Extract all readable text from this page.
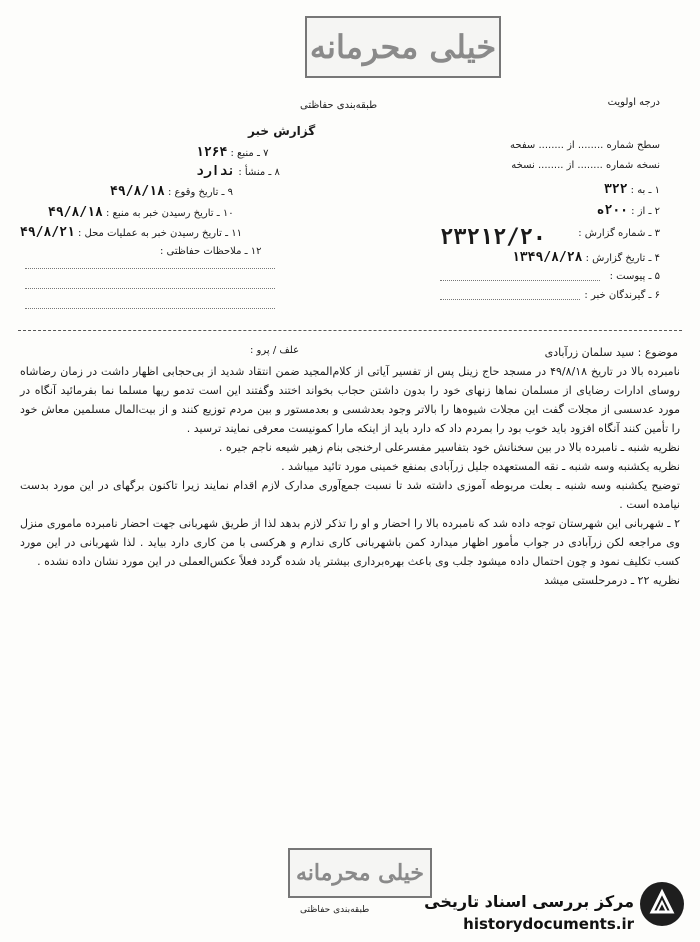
خیلی محرمانه
طبقه‌بندی حفاظتی	درجه اولویت
گزارش خبر
۷ ـ منبع : ۱۲۶۴
۸ ـ منشأ : ندارد
۹ ـ تاریخ وقوع : ۴۹/۸/۱۸
۱۰ ـ تاریخ رسیدن خبر به منبع : ۴۹/۸/۱۸
۱۱ ـ تاریخ رسیدن خبر به عملیات محل : ۴۹/۸/۲۱
۱۲ ـ ملاحظات حفاظتی :
سطح شماره ........ از ........ سفحه
نسخه شماره ........ از ........ نسخه
۱ ـ به : ۳۲۲
۲ ـ از : ۲۰۰ه
۳ ـ شماره گزارش :
۲۳۲۱۲/۲۰
۴ ـ تاریخ گزارش : ۱۳۴۹/۸/۲۸
۵ ـ پیوست :
۶ ـ گیرندگان خبر :
علف / پرو :	موضوع : سید سلمان زرآبادی

نامبرده بالا در تاریخ ۴۹/۸/۱۸ در مسجد حاج زینل پس از تفسیر آیاتی از کلام‌المجید ضمن انتقاد شدید از بی‌حجابی اظهار داشت در زمان رضاشاه روسای ادارات رضایای از مسلمان نماها زنهای خود را بدون داشتن حجاب بخواند اختند وگفتند این است تدمو ریها مسلما نما بفرمائید آنگاه در مورد عدسسی از مجلات گفت این مجلات شیوه‌ها را بالاتر وجود بعدشسی و بعدمستور و بین مردم توزیع کنند و از بیت‌المال مسلمین معاش خود را تأمین کنند آنگاه افزود باید خوب بود را بمردم داد که دارد باید از اینکه مارا کمونیست معرفی نمایند ترسید .

نظریه شنبه ـ نامبرده بالا در بین سخنانش خود بتفاسیر مفسرعلی ارخنجی بنام زهیر شیعه ناجم جیره .

نظریه یکشنبه وسه شنبه ـ نقه المستعهده جلیل زرآبادی بمنفع خمینی مورد تائید میباشد .

توضیح یکشنبه وسه شنبه ـ بعلت مربوطه آموزی داشته شد تا نسبت جمع‌آوری مدارک لازم اقدام نمایند زیرا تاکنون برگهای در این مورد بدست نیامده است .

۲ ـ شهربانی این شهرستان توجه داده شد که نامبرده بالا را احضار و او را تذکر لازم بدهد لذا از طریق شهربانی جهت احضار نامبرده ماموری منزل وی مراجعه لکن زرآبادی در جواب مأمور اظهار میدارد کمن باشهربانی کاری ندارم و هرکسی با من کاری دارد بیاید . لذا شهربانی در این مورد کسب تکلیف نمود و چون احتمال داده میشود جلب وی باعث بهره‌برداری بیشتر یاد شده گردد فعلاً عکس‌العملی در این مورد نشان داده نشده .

نظریه ۲۲ ـ درمرحلستی میشد

خیلی محرمانه
طبقه‌بندی حفاظتی	مرکز بررسی اسناد تاریخی
historydocuments.ir
